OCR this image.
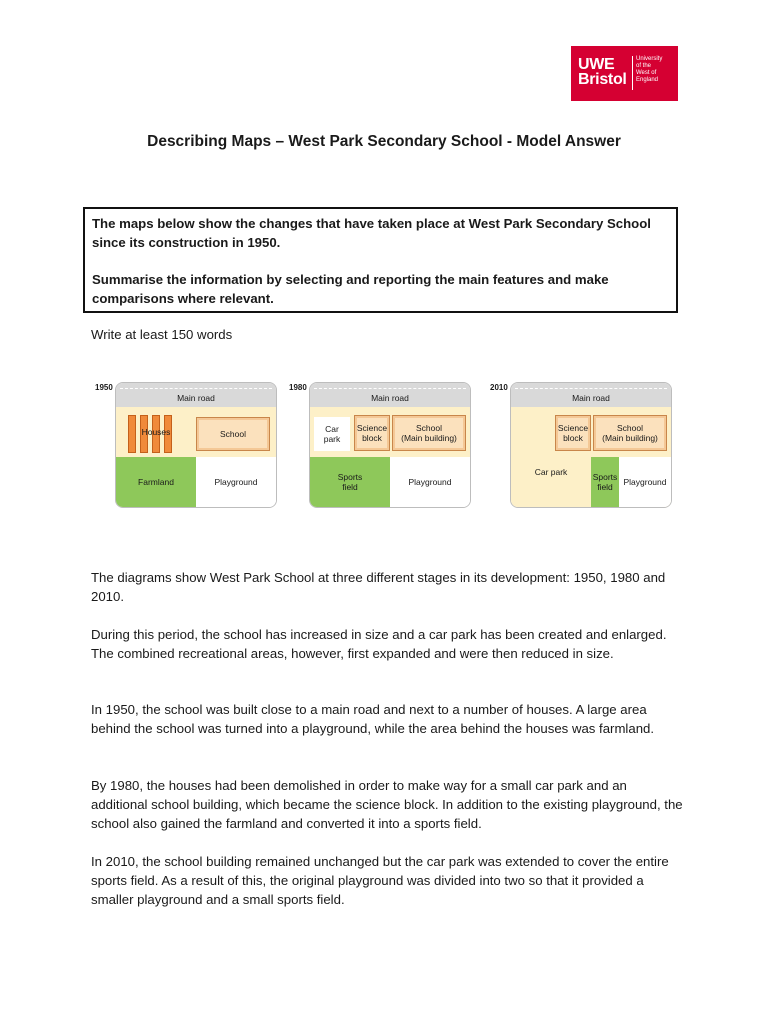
UWE
Bristol
University
of the
West of
England
Describing Maps – West Park Secondary School - Model Answer

The maps below show the changes that have taken place at West Park Secondary School since its construction in 1950.

Summarise the information by selecting and reporting the main features and make comparisons where relevant.

Write at least 150 words
1950
Main road
Houses	School
Farmland	Playground
1980
Main road
Car
park
Science
block
School
(Main building)
Sports
field	Playground
2010
Main road
Science
block
School
(Main building)
Car park	Sports
field	Playground

The diagrams show West Park School at three different stages in its development: 1950, 1980 and 2010.

During this period, the school has increased in size and a car park has been created and enlarged. The combined recreational areas, however, first expanded and were then reduced in size.

In 1950, the school was built close to a main road and next to a number of houses. A large area behind the school was turned into a playground, while the area behind the houses was farmland.

By 1980, the houses had been demolished in order to make way for a small car park and an additional school building, which became the science block. In addition to the existing playground, the school also gained the farmland and converted it into a sports field.

In 2010, the school building remained unchanged but the car park was extended to cover the entire sports field. As a result of this, the original playground was divided into two so that it provided a smaller playground and a small sports field.
